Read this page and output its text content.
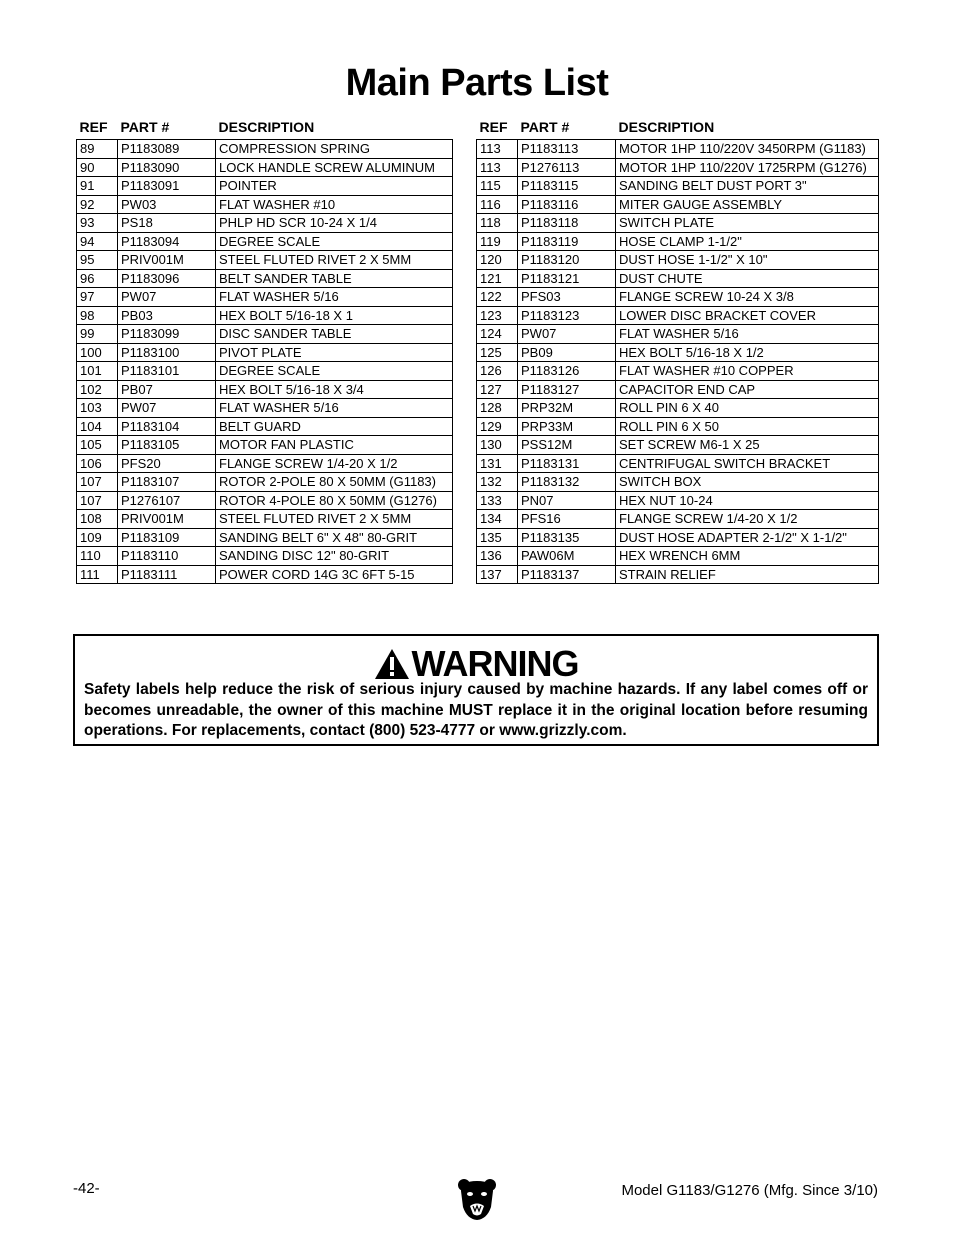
Main Parts List
REF	PART #	DESCRIPTION
89	P1183089	COMPRESSION SPRING
90	P1183090	LOCK HANDLE SCREW ALUMINUM
91	P1183091	POINTER
92	PW03	FLAT WASHER #10
93	PS18	PHLP HD SCR 10-24 X 1/4
94	P1183094	DEGREE SCALE
95	PRIV001M	STEEL FLUTED RIVET 2 X 5MM
96	P1183096	BELT SANDER TABLE
97	PW07	FLAT WASHER 5/16
98	PB03	HEX BOLT 5/16-18 X 1
99	P1183099	DISC SANDER TABLE
100	P1183100	PIVOT PLATE
101	P1183101	DEGREE SCALE
102	PB07	HEX BOLT 5/16-18 X 3/4
103	PW07	FLAT WASHER 5/16
104	P1183104	BELT GUARD
105	P1183105	MOTOR FAN PLASTIC
106	PFS20	FLANGE SCREW 1/4-20 X 1/2
107	P1183107	ROTOR 2-POLE 80 X 50MM (G1183)
107	P1276107	ROTOR 4-POLE 80 X 50MM (G1276)
108	PRIV001M	STEEL FLUTED RIVET 2 X 5MM
109	P1183109	SANDING BELT 6" X 48" 80-GRIT
110	P1183110	SANDING DISC 12" 80-GRIT
111	P1183111	POWER CORD 14G 3C 6FT 5-15
REF	PART #	DESCRIPTION
113	P1183113	MOTOR 1HP 110/220V 3450RPM (G1183)
113	P1276113	MOTOR 1HP 110/220V 1725RPM (G1276)
115	P1183115	SANDING BELT DUST PORT 3"
116	P1183116	MITER GAUGE ASSEMBLY
118	P1183118	SWITCH PLATE
119	P1183119	HOSE CLAMP 1-1/2"
120	P1183120	DUST HOSE 1-1/2" X 10"
121	P1183121	DUST CHUTE
122	PFS03	FLANGE SCREW 10-24 X 3/8
123	P1183123	LOWER DISC BRACKET COVER
124	PW07	FLAT WASHER 5/16
125	PB09	HEX BOLT 5/16-18 X 1/2
126	P1183126	FLAT WASHER #10 COPPER
127	P1183127	CAPACITOR END CAP
128	PRP32M	ROLL PIN 6 X 40
129	PRP33M	ROLL PIN 6 X 50
130	PSS12M	SET SCREW M6-1 X 25
131	P1183131	CENTRIFUGAL SWITCH BRACKET
132	P1183132	SWITCH BOX
133	PN07	HEX NUT 10-24
134	PFS16	FLANGE SCREW 1/4-20 X 1/2
135	P1183135	DUST HOSE ADAPTER 2-1/2" X 1-1/2"
136	PAW06M	HEX WRENCH 6MM
137	P1183137	STRAIN RELIEF
WARNING

Safety labels help reduce the risk of serious injury caused by machine hazards. If any label comes off or becomes unreadable, the owner of this machine MUST replace it in the original location before resuming operations. For replacements, contact (800) 523-4777 or www.grizzly.com.

-42-	Model G1183/G1276 (Mfg. Since 3/10)
